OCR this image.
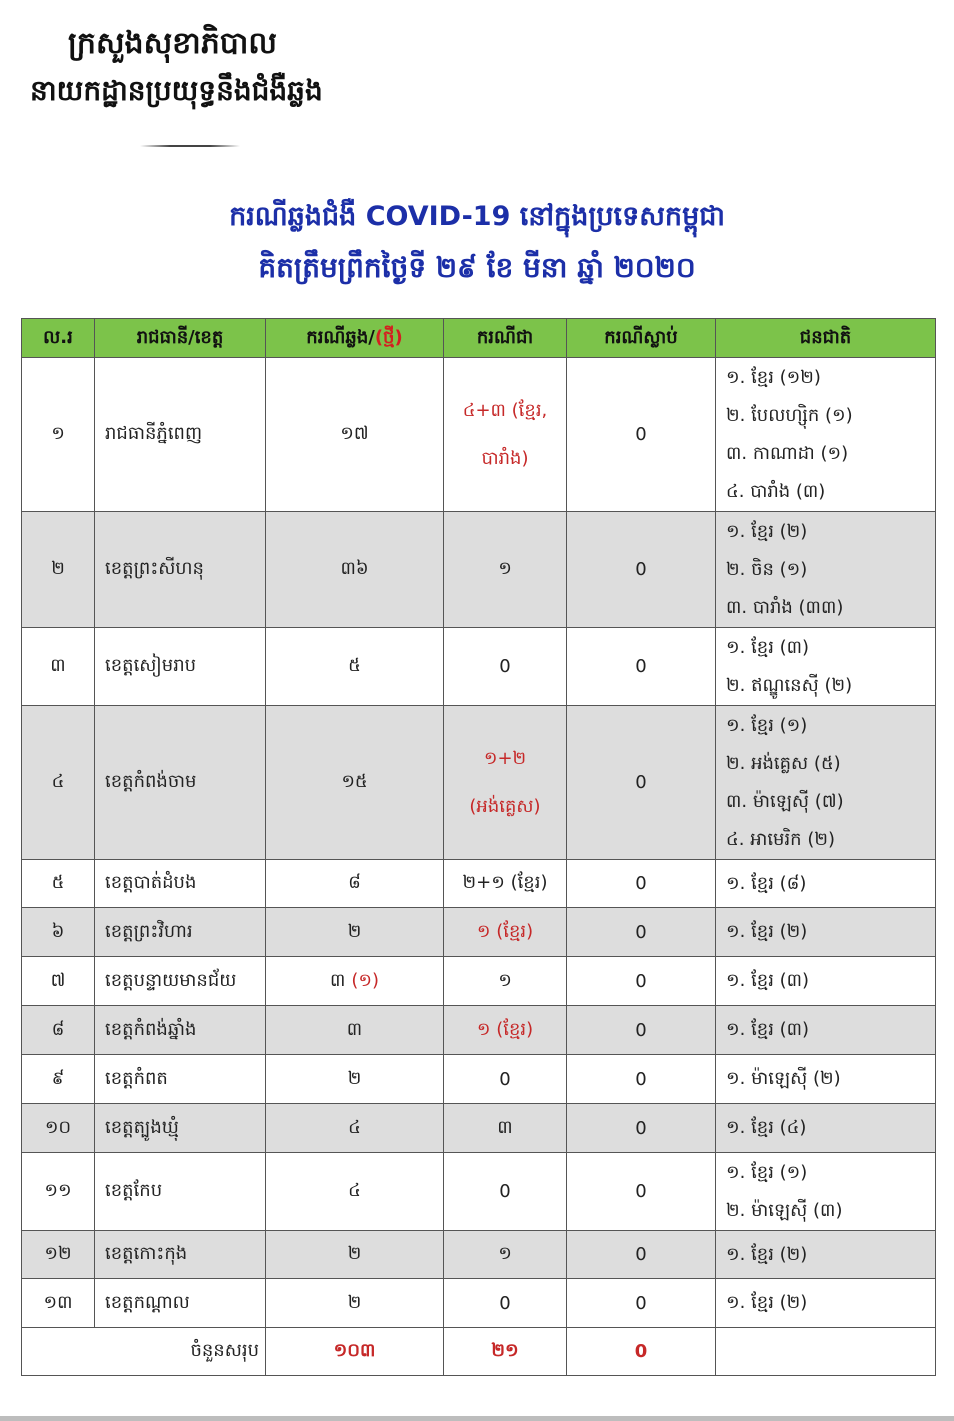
ក្រសួងសុខាភិបាល
នាយកដ្ឋានប្រយុទ្ធនឹងជំងឺឆ្លង
ករណីឆ្លងជំងឺ COVID-19 នៅក្នុងប្រទេសកម្ពុជា
គិតត្រឹមព្រឹកថ្ងៃទី ២៩ ខែ មីនា ឆ្នាំ ២០២០
ល.រ	រាជធានី/ខេត្ត	ករណីឆ្លង/(ថ្មី)	ករណីជា	ករណីស្លាប់	ជនជាតិ
១	រាជធានីភ្នំពេញ	១៧	៤+៣ (ខ្មែរ, បារាំង)	0	១. ខ្មែរ (១២)
២. បែលហ្ស៊ិក (១)
៣. កាណាដា (១)
៤. បារាំង (៣)

២	ខេត្តព្រះសីហនុ	៣៦	១	0	១. ខ្មែរ (២)
២. ចិន (១)
៣. បារាំង (៣៣)

៣	ខេត្តសៀមរាប	៥	0	0	១. ខ្មែរ (៣)
២. ឥណ្ឌូនេស៊ី (២)

៤	ខេត្តកំពង់ចាម	១៥	១+២ (អង់គ្លេស)	0	១. ខ្មែរ (១)
២. អង់គ្លេស (៥)
៣. ម៉ាឡេស៊ី (៧)
៤. អាមេរិក (២)

៥	ខេត្តបាត់ដំបង	៨	២+១ (ខ្មែរ)	0	១. ខ្មែរ (៨)

៦	ខេត្តព្រះវិហារ	២	១ (ខ្មែរ)	0	១. ខ្មែរ (២)

៧	ខេត្តបន្ទាយមានជ័យ	៣ (១)	១	0	១. ខ្មែរ (៣)

៨	ខេត្តកំពង់ឆ្នាំង	៣	១ (ខ្មែរ)	0	១. ខ្មែរ (៣)

៩	ខេត្តកំពត	២	0	0	១. ម៉ាឡេស៊ី (២)

១០	ខេត្តត្បូងឃ្មុំ	៤	៣	0	១. ខ្មែរ (៤)

១១	ខេត្តកែប	៤	0	0	១. ខ្មែរ (១)
២. ម៉ាឡេស៊ី (៣)

១២	ខេត្តកោះកុង	២	១	0	១. ខ្មែរ (២)

១៣	ខេត្តកណ្តាល	២	0	0	១. ខ្មែរ (២)

ចំនួនសរុប		១០៣	២១	0	
